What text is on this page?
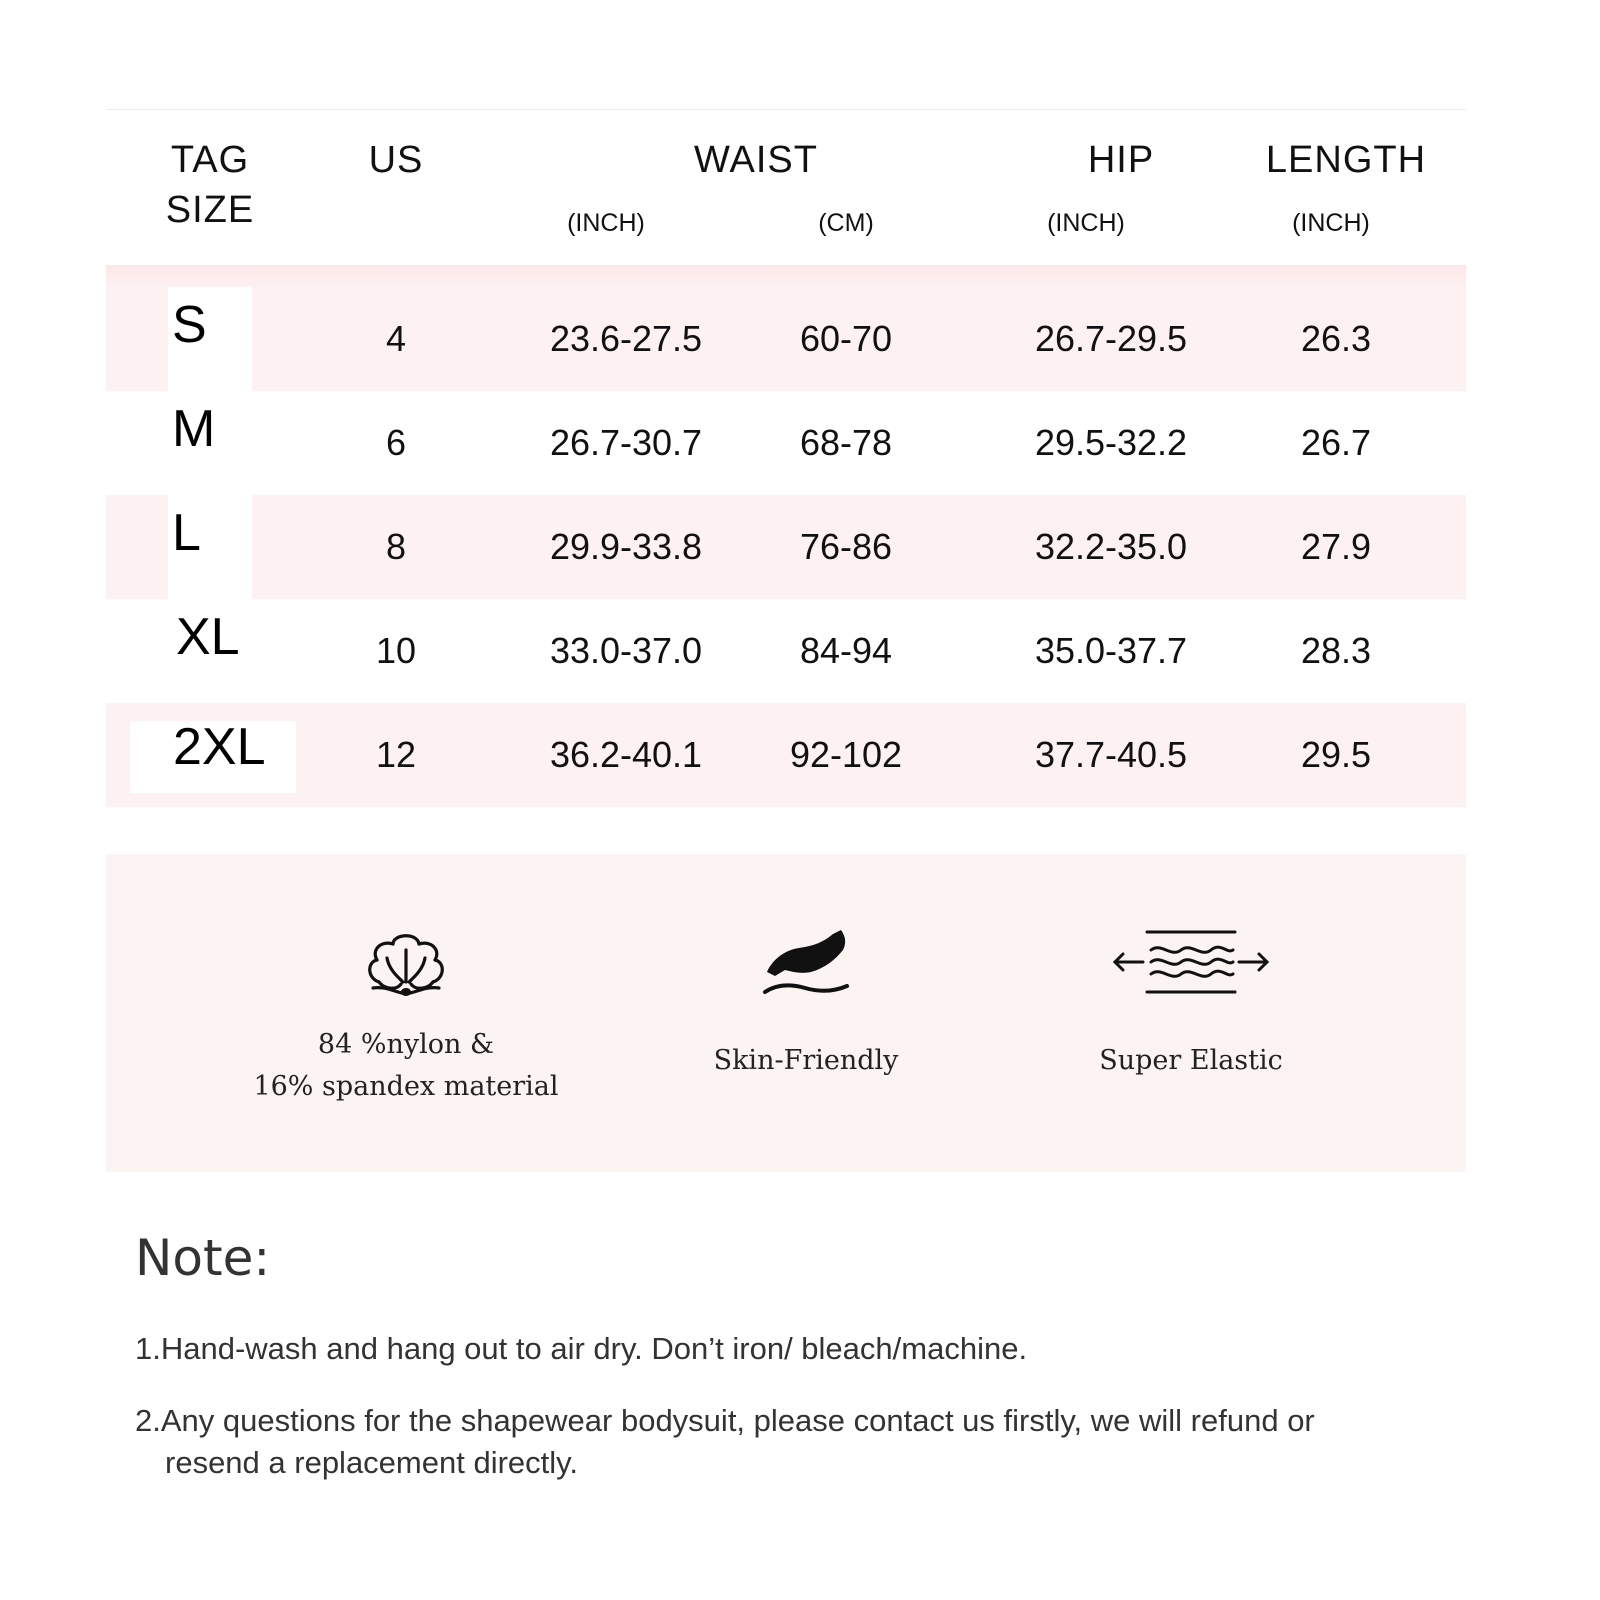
TAG
SIZE
US	WAIST	HIP	LENGTH
(INCH)	(CM)	(INCH)	(INCH)
S	4	23.6-27.5	60-70	26.7-29.5	26.3
M	6	26.7-30.7	68-78	29.5-32.2	26.7
L	8	29.9-33.8	76-86	32.2-35.0	27.9
XL	10	33.0-37.0	84-94	35.0-37.7	28.3
2XL	12	36.2-40.1	92-102	37.7-40.5	29.5
84 %nylon &
16% spandex material
Skin-Friendly	Super Elastic
Note:
1.Hand-wash and hang out to air dry. Don’t iron/ bleach/machine.
2.Any questions for the shapewear bodysuit, please contact us firstly, we will refund or
resend a replacement directly.
